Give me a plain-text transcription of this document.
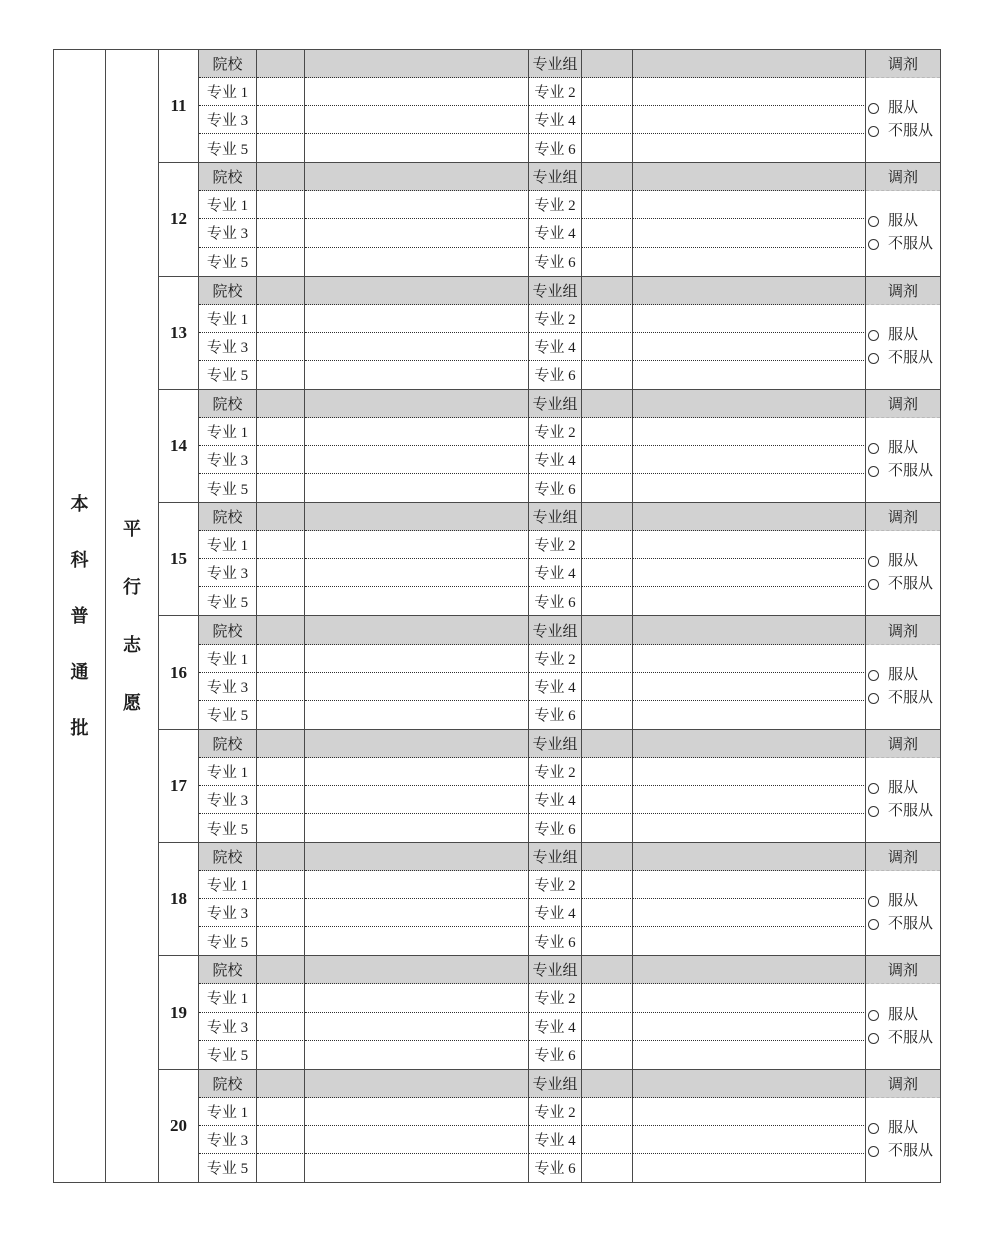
本
科
普
通
批
平
行
志
愿
11
院校	专业组	调剂
专业 1	专业 2
专业 3	专业 4
专业 5	专业 6
服从
不服从
12
院校	专业组	调剂
专业 1	专业 2
专业 3	专业 4
专业 5	专业 6
服从
不服从
13
院校	专业组	调剂
专业 1	专业 2
专业 3	专业 4
专业 5	专业 6
服从
不服从
14
院校	专业组	调剂
专业 1	专业 2
专业 3	专业 4
专业 5	专业 6
服从
不服从
15
院校	专业组	调剂
专业 1	专业 2
专业 3	专业 4
专业 5	专业 6
服从
不服从
16
院校	专业组	调剂
专业 1	专业 2
专业 3	专业 4
专业 5	专业 6
服从
不服从
17
院校	专业组	调剂
专业 1	专业 2
专业 3	专业 4
专业 5	专业 6
服从
不服从
18
院校	专业组	调剂
专业 1	专业 2
专业 3	专业 4
专业 5	专业 6
服从
不服从
19
院校	专业组	调剂
专业 1	专业 2
专业 3	专业 4
专业 5	专业 6
服从
不服从
20
院校	专业组	调剂
专业 1	专业 2
专业 3	专业 4
专业 5	专业 6
服从
不服从
